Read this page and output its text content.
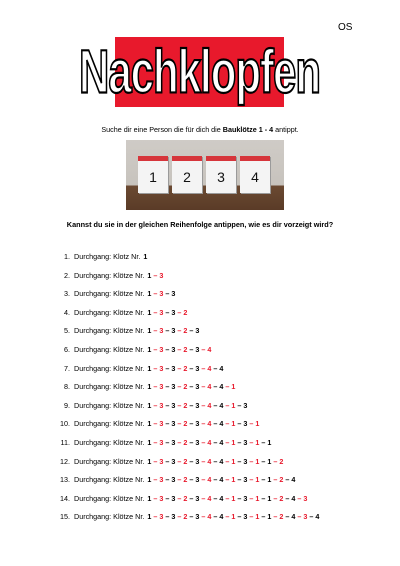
OS
Nachklopfen
Suche dir eine Person die für dich die Bauklötze 1 - 4 antippt.
1 2 3 4
Kannst du sie in der gleichen Reihenfolge antippen, wie es dir vorzeigt wird?
1. Durchgang: Klotz Nr. 1
2. Durchgang: Klötze Nr. 1 – 3
3. Durchgang: Klötze Nr. 1 – 3 – 3
4. Durchgang: Klötze Nr. 1 – 3 – 3 – 2
5. Durchgang: Klötze Nr. 1 – 3 – 3 – 2 – 3
6. Durchgang: Klötze Nr. 1 – 3 – 3 – 2 – 3 – 4
7. Durchgang: Klötze Nr. 1 – 3 – 3 – 2 – 3 – 4 – 4
8. Durchgang: Klötze Nr. 1 – 3 – 3 – 2 – 3 – 4 – 4 – 1
9. Durchgang: Klötze Nr. 1 – 3 – 3 – 2 – 3 – 4 – 4 – 1 – 3
10. Durchgang: Klötze Nr. 1 – 3 – 3 – 2 – 3 – 4 – 4 – 1 – 3 – 1
11. Durchgang: Klötze Nr. 1 – 3 – 3 – 2 – 3 – 4 – 4 – 1 – 3 – 1 – 1
12. Durchgang: Klötze Nr. 1 – 3 – 3 – 2 – 3 – 4 – 4 – 1 – 3 – 1 – 1 – 2
13. Durchgang: Klötze Nr. 1 – 3 – 3 – 2 – 3 – 4 – 4 – 1 – 3 – 1 – 1 – 2 – 4
14. Durchgang: Klötze Nr. 1 – 3 – 3 – 2 – 3 – 4 – 4 – 1 – 3 – 1 – 1 – 2 – 4 – 3
15. Durchgang: Klötze Nr. 1 – 3 – 3 – 2 – 3 – 4 – 4 – 1 – 3 – 1 – 1 – 2 – 4 – 3 – 4
